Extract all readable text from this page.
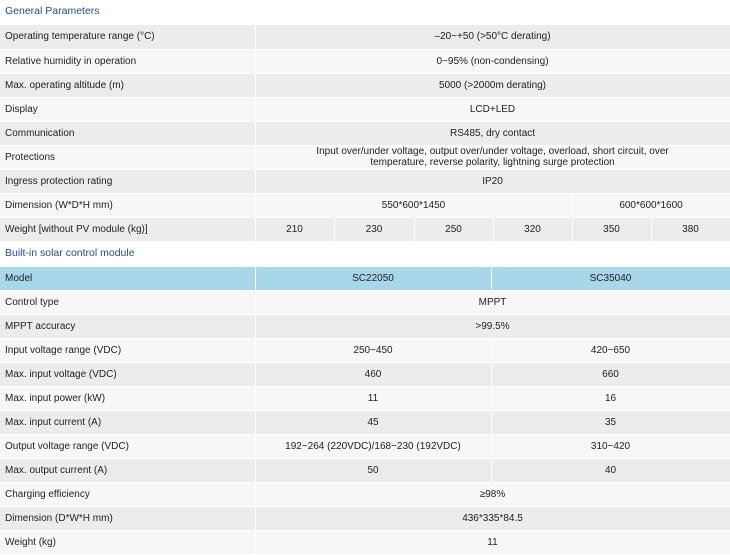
General Parameters
Operating temperature range (°C)	–20~+50 (>50°C derating)					
Relative humidity in operation	0~95% (non-condensing)					
Max. operating altitude (m)	5000 (>2000m derating)					
Display	LCD+LED					
Communication	RS485, dry contact					
Protections	Input over/under voltage, output over/under voltage, overload, short circuit, over temperature, reverse polarity, lightning surge protection					
Ingress protection rating	IP20					
Dimension (W*D*H mm)	550*600*1450				600*600*1600	
Weight [without PV module (kg)]	210	230	250	320	350	380
Built-in solar control module
Model	SC22050	SC35040
Control type	MPPT	
MPPT accuracy	>99.5%	
Input voltage range (VDC)	250~450	420~650
Max. input voltage (VDC)	460	660
Max. input power (kW)	11	16
Max. input current (A)	45	35
Output voltage range (VDC)	192~264 (220VDC)/168~230 (192VDC)	310~420
Max. output current (A)	50	40
Charging efficiency	≥98%	
Dimension (D*W*H mm)	436*335*84.5	
Weight (kg)	11	
